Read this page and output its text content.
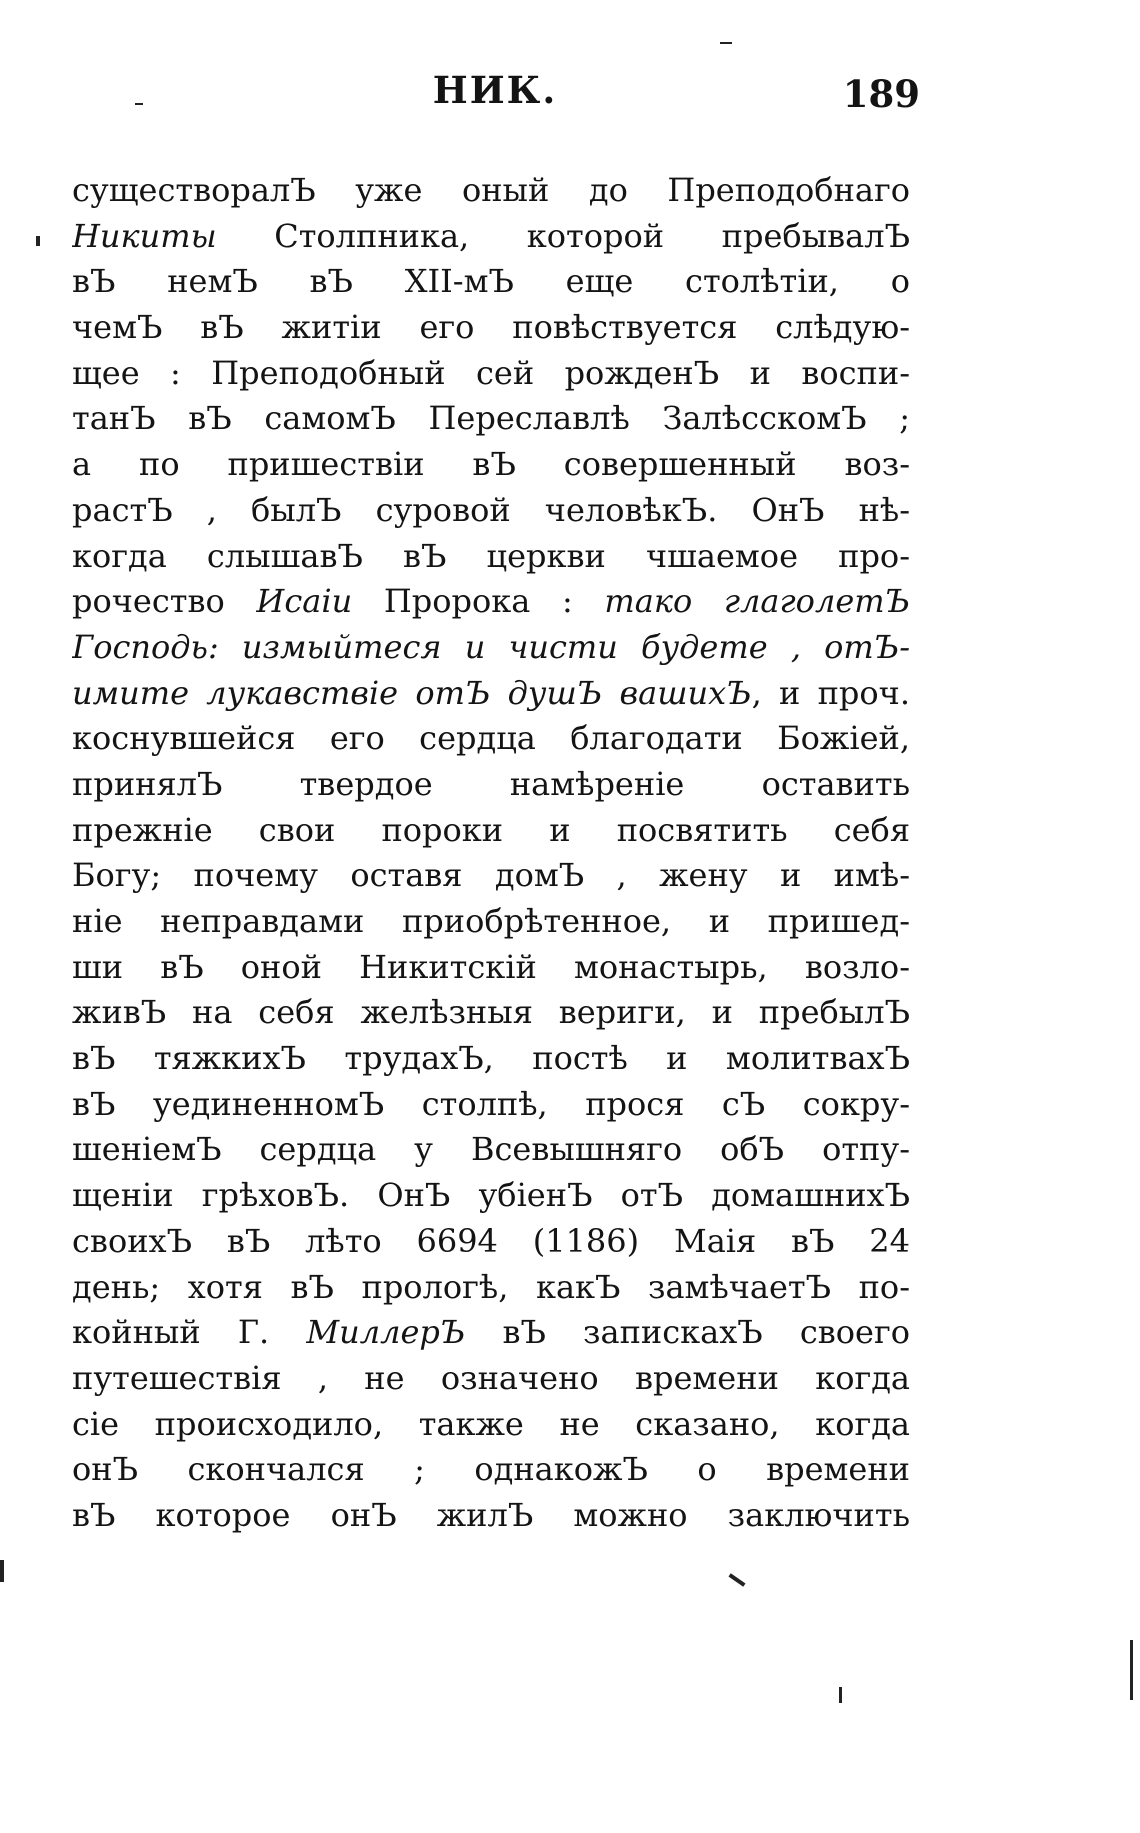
НИК.	189
существоралЪ уже оный до Преподобнаго
Никиты Столпника, которой пребывалЪ
вЪ немЪ вЪ XII-мЪ еще столѣтіи, о
чемЪ вЪ житіи его повѣствуется слѣдую-
щее : Преподобный сей рожденЪ и воспи-
танЪ вЪ самомЪ Переславлѣ ЗалѣсскомЪ ;
а по пришествіи вЪ совершенный воз-
растЪ , былЪ суровой человѣкЪ. ОнЪ нѣ-
когда слышавЪ вЪ церкви чшаемое про-
рочество Исаіи Пророка : тако глаголетЪ
Господь: измыйтеся и чисти будете , отЪ-
имите лукавствіе отЪ душЪ вашихЪ, и проч.
коснувшейся его сердца благодати Божіей,
принялЪ твердое намѣреніе оставить
прежніе свои пороки и посвятить себя
Богу; почему оставя домЪ , жену и имѣ-
ніе неправдами приобрѣтенное, и пришед-
ши вЪ оной Никитскій монастырь, возло-
живЪ на себя желѣзныя вериги, и пребылЪ
вЪ тяжкихЪ трудахЪ, постѣ и молитвахЪ
вЪ уединенномЪ столпѣ, прося сЪ сокру-
шеніемЪ сердца у Всевышняго обЪ отпу-
щеніи грѣховЪ. ОнЪ убіенЪ отЪ домашнихЪ
своихЪ вЪ лѣто 6694 (1186) Маія вЪ 24
день; хотя вЪ прологѣ, какЪ замѣчаетЪ по-
койный Г. МиллерЪ вЪ запискахЪ своего
путешествія , не означено времени когда
сіе происходило, также не сказано, когда
онЪ скончался ; однакожЪ о времени
вЪ которое онЪ жилЪ можно заключить
